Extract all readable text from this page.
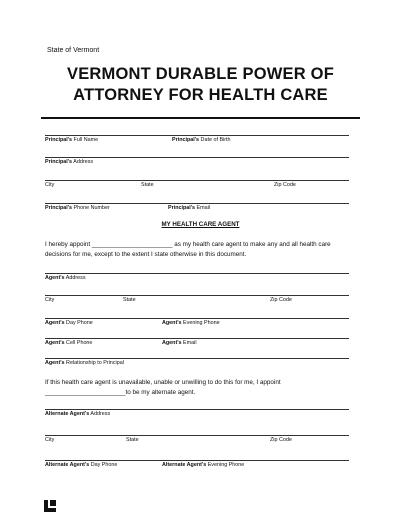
State of Vermont
VERMONT DURABLE POWER OF
ATTORNEY FOR HEALTH CARE
Principal's Full Name	Principal's Date of Birth
Principal's Address
City	State	Zip Code
Principal's Phone Number	Principal's Email
MY HEALTH CARE AGENT
I hereby appoint _______________________ as my health care agent to make any and all health care decisions for me, except to the extent I state otherwise in this document.
Agent's Address
City	State	Zip Code
Agent's Day Phone	Agent's Evening Phone
Agent's Cell Phone	Agent's Email
Agent's Relationship to Principal
If this health care agent is unavailable, unable or unwilling to do this for me, I appoint
_______________________to be my alternate agent.
Alternate Agent's Address
City	State	Zip Code
Alternate Agent's Day Phone	Alternate Agent's Evening Phone
